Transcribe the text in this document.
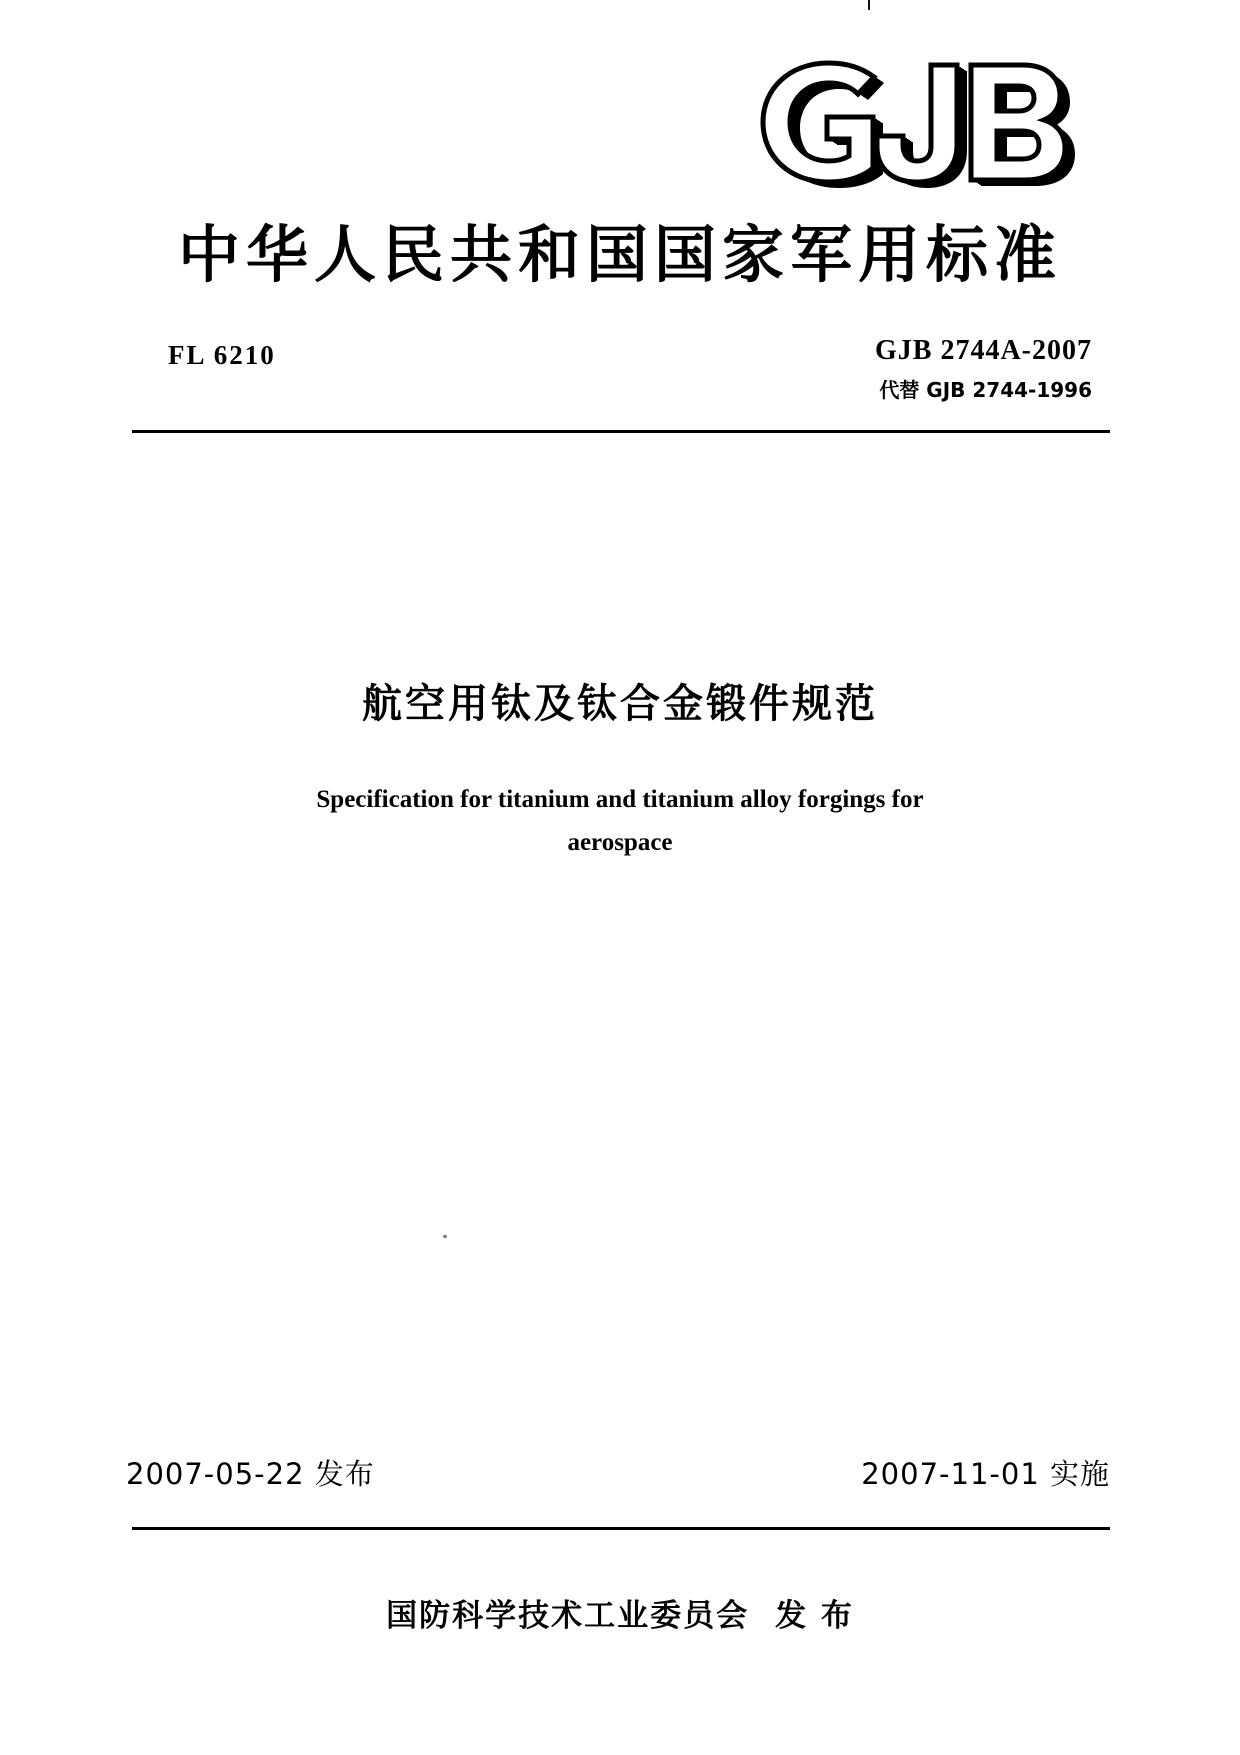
中华人民共和国国家军用标准
FL 6210	GJB 2744A-2007
代替 GJB 2744-1996
航空用钛及钛合金锻件规范
Specification for titanium and titanium alloy forgings for
aerospace
2007-05-22 发布	2007-11-01 实施
国防科学技术工业委员会 发 布
